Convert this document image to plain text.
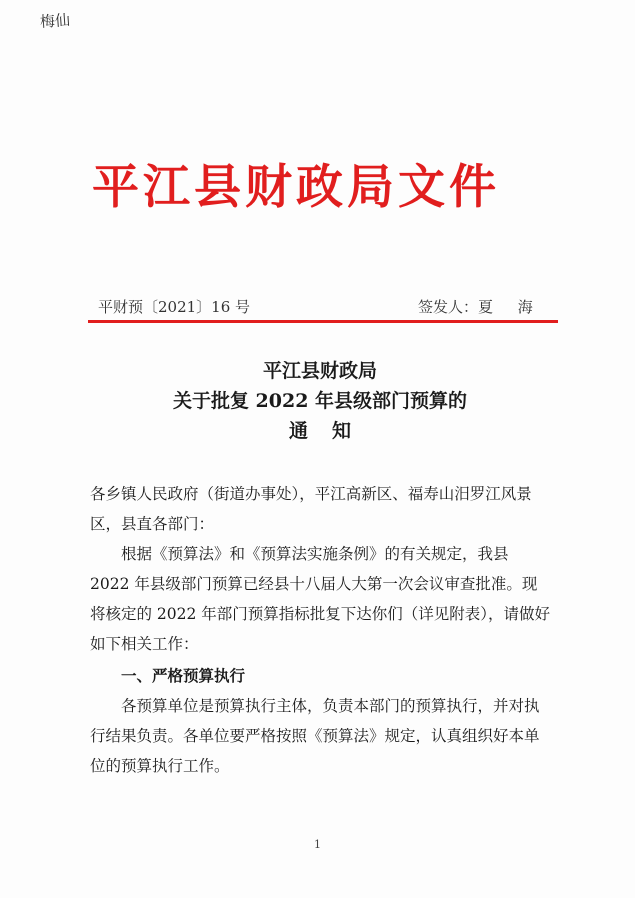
梅仙
平江县财政局文件
平财预〔2021〕16 号	签发人：夏 海
平江县财政局
关于批复 2022 年县级部门预算的
通知

各乡镇人民政府（街道办事处），平江高新区、福寿山汨罗江风景区，县直各部门：

根据《预算法》和《预算法实施条例》的有关规定，我县 2022 年县级部门预算已经县十八届人大第一次会议审查批准。现将核定的 2022 年部门预算指标批复下达你们（详见附表），请做好如下相关工作：

一、严格预算执行

各预算单位是预算执行主体，负责本部门的预算执行，并对执行结果负责。各单位要严格按照《预算法》规定，认真组织好本单位的预算执行工作。

1
